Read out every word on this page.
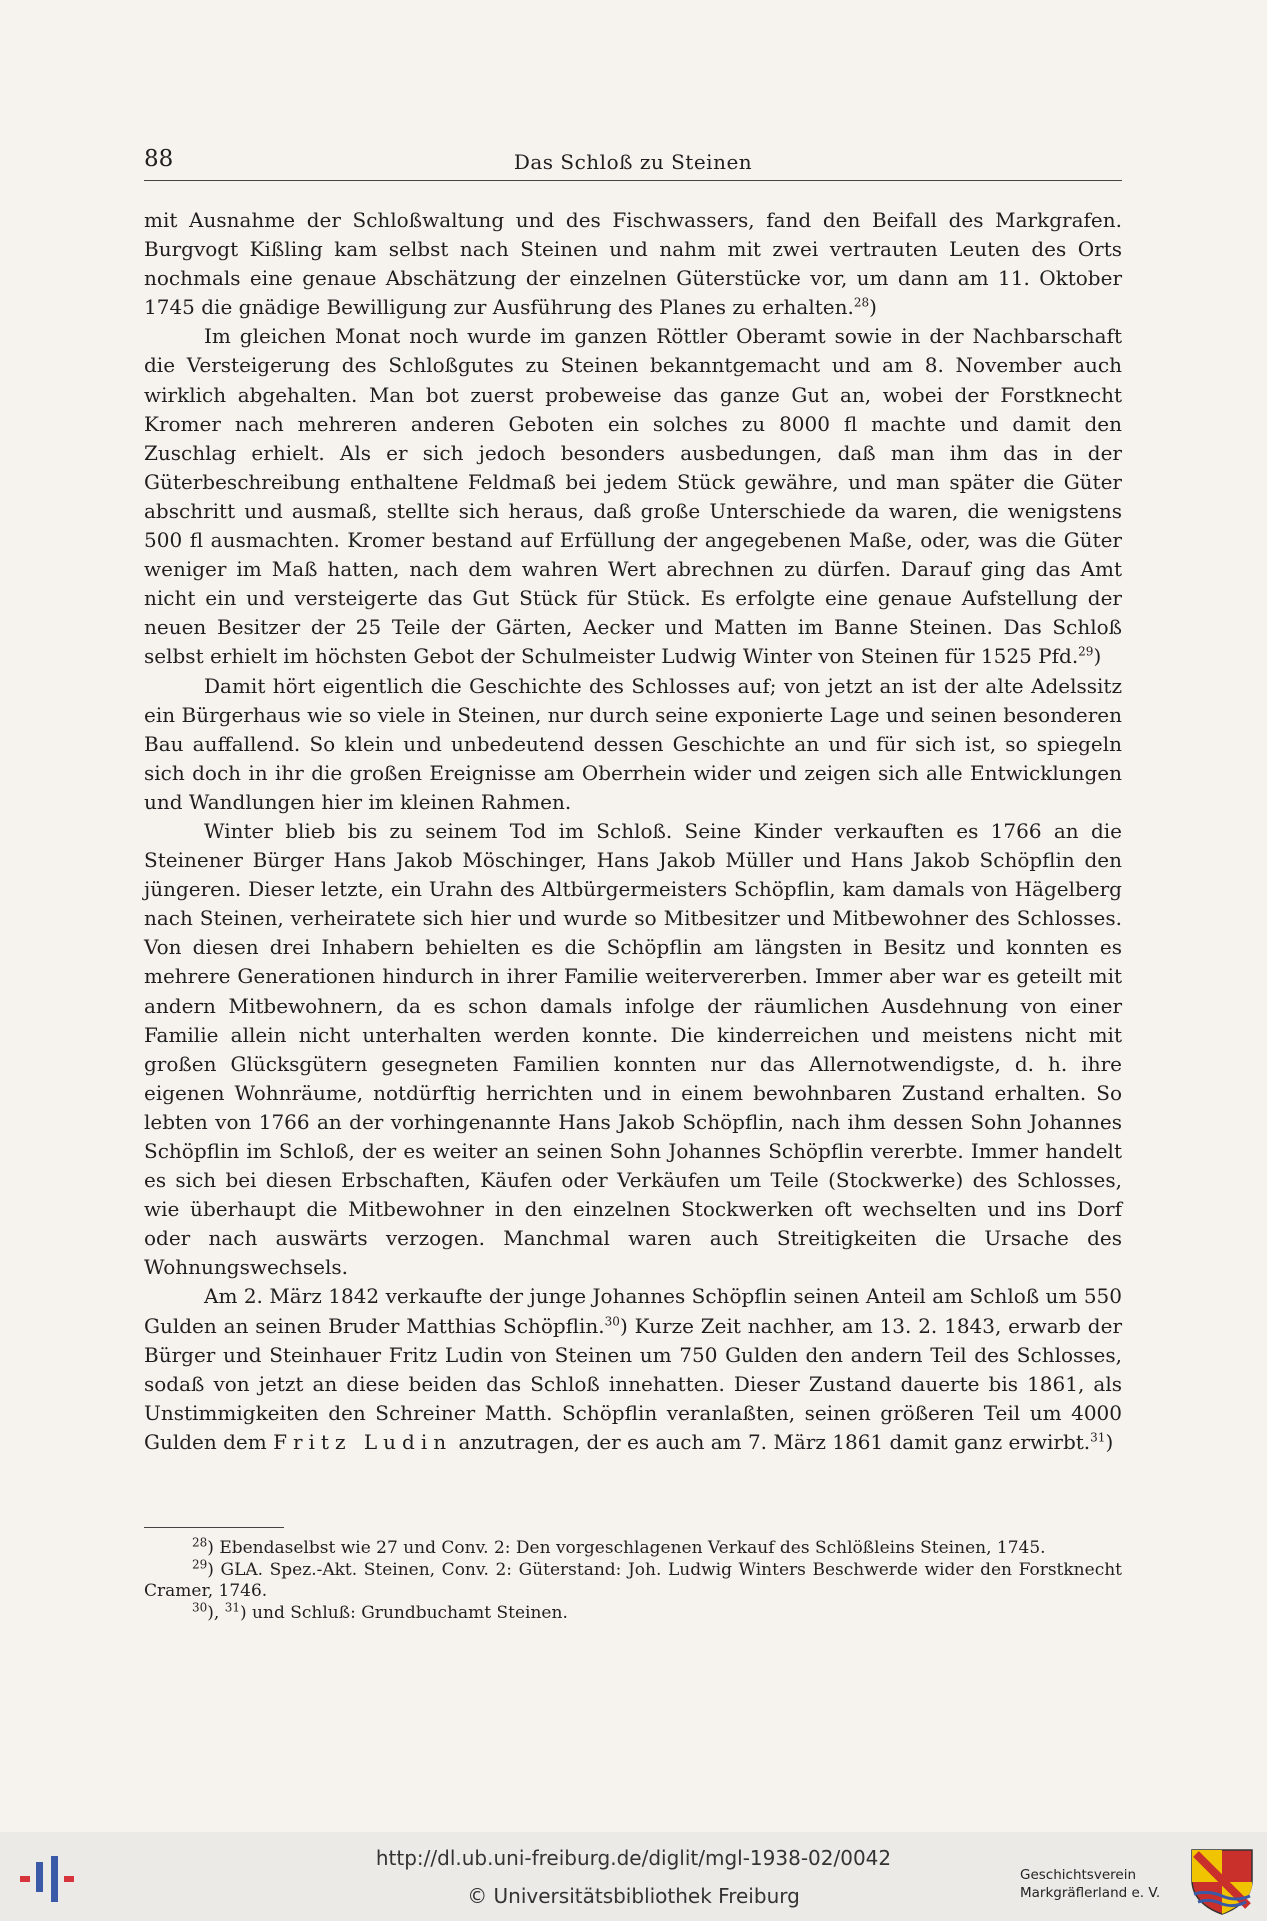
88	Das Schloß zu Steinen

mit Ausnahme der Schloßwaltung und des Fischwassers, fand den Beifall des Markgrafen. Burgvogt Kißling kam selbst nach Steinen und nahm mit zwei vertrauten Leuten des Orts nochmals eine genaue Abschätzung der einzelnen Güterstücke vor, um dann am 11. Oktober 1745 die gnädige Bewilligung zur Ausführung des Planes zu erhalten.$^{28}$)

Im gleichen Monat noch wurde im ganzen Röttler Oberamt sowie in der Nachbarschaft die Versteigerung des Schloßgutes zu Steinen bekanntgemacht und am 8. November auch wirklich abgehalten. Man bot zuerst probeweise das ganze Gut an, wobei der Forstknecht Kromer nach mehreren anderen Geboten ein solches zu 8000 fl machte und damit den Zuschlag erhielt. Als er sich jedoch besonders ausbedungen, daß man ihm das in der Güterbeschreibung enthaltene Feldmaß bei jedem Stück gewähre, und man später die Güter abschritt und ausmaß, stellte sich heraus, daß große Unterschiede da waren, die wenigstens 500 fl ausmachten. Kromer bestand auf Erfüllung der angegebenen Maße, oder, was die Güter weniger im Maß hatten, nach dem wahren Wert abrechnen zu dürfen. Darauf ging das Amt nicht ein und versteigerte das Gut Stück für Stück. Es erfolgte eine genaue Aufstellung der neuen Besitzer der 25 Teile der Gärten, Aecker und Matten im Banne Steinen. Das Schloß selbst erhielt im höchsten Gebot der Schulmeister Ludwig Winter von Steinen für 1525 Pfd.$^{29}$)

Damit hört eigentlich die Geschichte des Schlosses auf; von jetzt an ist der alte Adelssitz ein Bürgerhaus wie so viele in Steinen, nur durch seine exponierte Lage und seinen besonderen Bau auffallend. So klein und unbedeutend dessen Geschichte an und für sich ist, so spiegeln sich doch in ihr die großen Ereignisse am Oberrhein wider und zeigen sich alle Entwicklungen und Wandlungen hier im kleinen Rahmen.

Winter blieb bis zu seinem Tod im Schloß. Seine Kinder verkauften es 1766 an die Steinener Bürger Hans Jakob Möschinger, Hans Jakob Müller und Hans Jakob Schöpflin den jüngeren. Dieser letzte, ein Urahn des Altbürgermeisters Schöpflin, kam damals von Hägelberg nach Steinen, verheiratete sich hier und wurde so Mitbesitzer und Mitbewohner des Schlosses. Von diesen drei Inhabern behielten es die Schöpflin am längsten in Besitz und konnten es mehrere Generationen hindurch in ihrer Familie weitervererben. Immer aber war es geteilt mit andern Mitbewohnern, da es schon damals infolge der räumlichen Ausdehnung von einer Familie allein nicht unterhalten werden konnte. Die kinderreichen und meistens nicht mit großen Glücksgütern gesegneten Familien konnten nur das Allernotwendigste, d. h. ihre eigenen Wohnräume, notdürftig herrichten und in einem bewohnbaren Zustand erhalten. So lebten von 1766 an der vorhingenannte Hans Jakob Schöpflin, nach ihm dessen Sohn Johannes Schöpflin im Schloß, der es weiter an seinen Sohn Johannes Schöpflin vererbte. Immer handelt es sich bei diesen Erbschaften, Käufen oder Verkäufen um Teile (Stockwerke) des Schlosses, wie überhaupt die Mitbewohner in den einzelnen Stockwerken oft wechselten und ins Dorf oder nach auswärts verzogen. Manchmal waren auch Streitigkeiten die Ursache des Wohnungswechsels.

Am 2. März 1842 verkaufte der junge Johannes Schöpflin seinen Anteil am Schloß um 550 Gulden an seinen Bruder Matthias Schöpflin.$^{30}$) Kurze Zeit nachher, am 13. 2. 1843, erwarb der Bürger und Steinhauer Fritz Ludin von Steinen um 750 Gulden den andern Teil des Schlosses, sodaß von jetzt an diese beiden das Schloß innehatten. Dieser Zustand dauerte bis 1861, als Unstimmigkeiten den Schreiner Matth. Schöpflin veranlaßten, seinen größeren Teil um 4000 Gulden dem Fritz Ludin anzutragen, der es auch am 7. März 1861 damit ganz erwirbt.$^{31}$)

$^{28}$) Ebendaselbst wie 27 und Conv. 2: Den vorgeschlagenen Verkauf des Schlößleins Steinen, 1745.

$^{29}$) GLA. Spez.-Akt. Steinen, Conv. 2: Güterstand: Joh. Ludwig Winters Beschwerde wider den Forstknecht Cramer, 1746.

$^{30}$), $^{31}$) und Schluß: Grundbuchamt Steinen.

http://dl.ub.uni-freiburg.de/diglit/mgl-1938-02/0042
© Universitätsbibliothek Freiburg
Geschichtsverein
Markgräflerland e. V.
